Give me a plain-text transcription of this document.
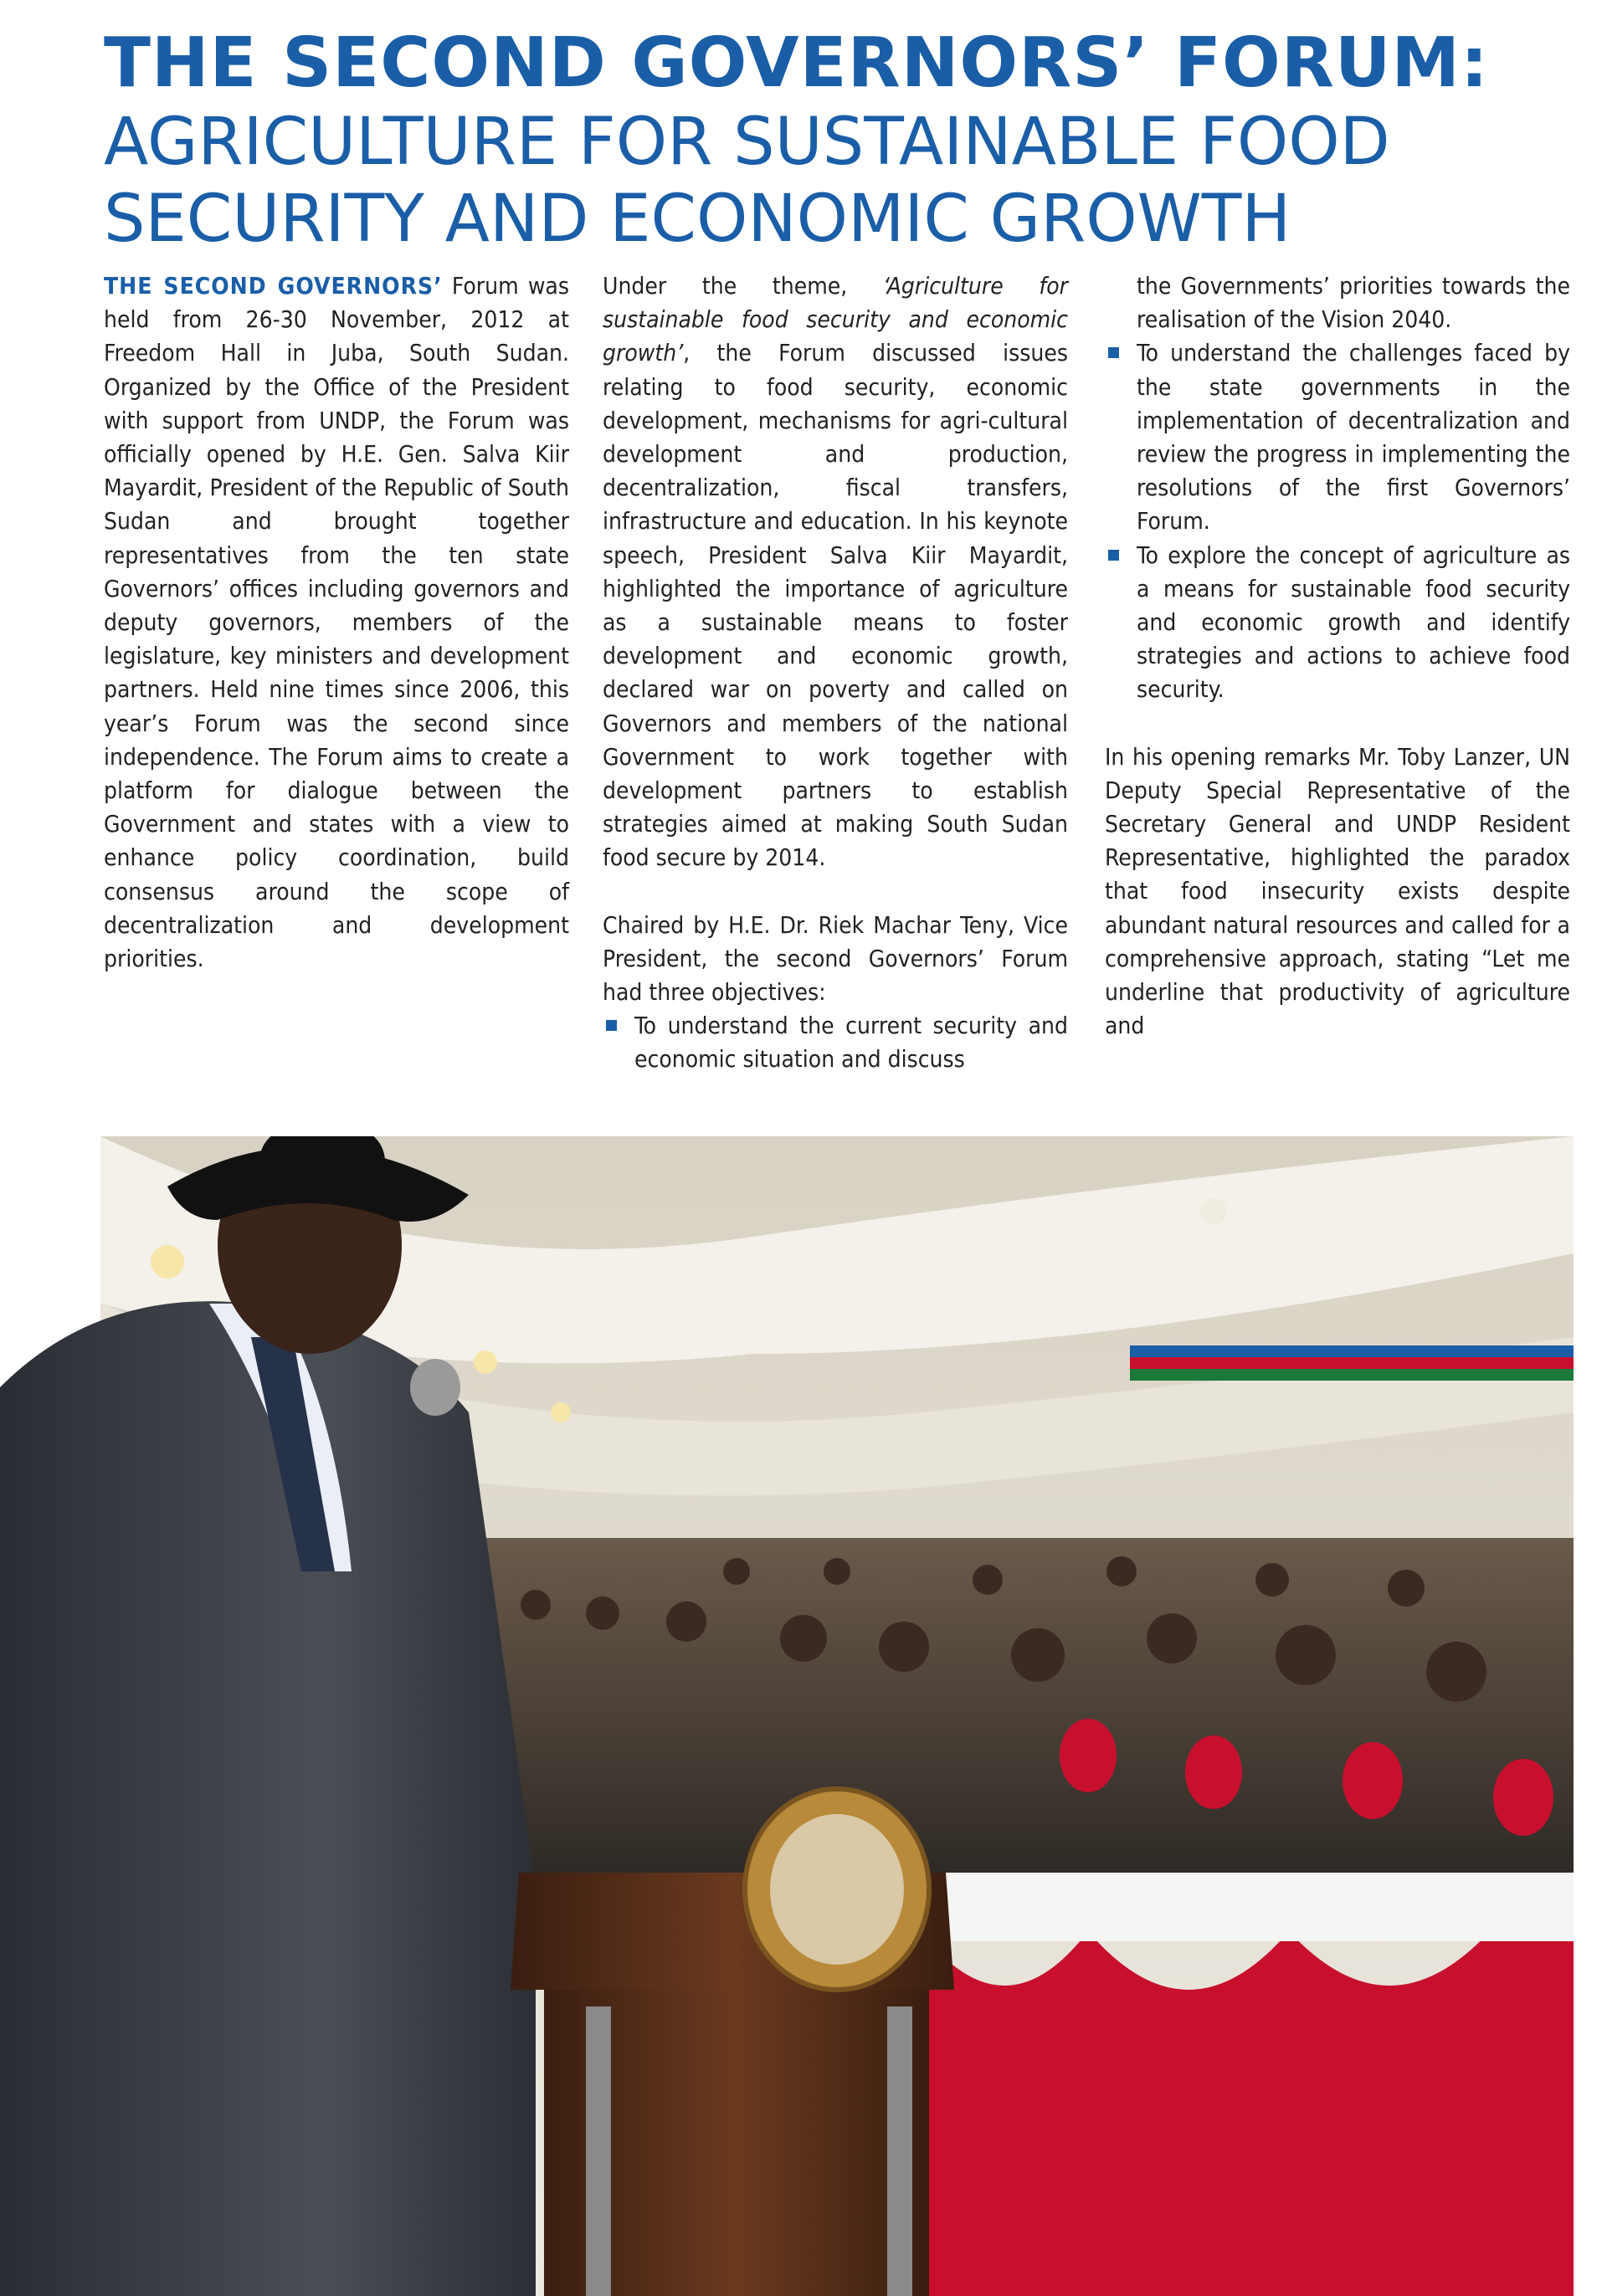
THE SECOND GOVERNORS’ FORUM:
AGRICULTURE FOR SUSTAINABLE FOOD
SECURITY AND ECONOMIC GROWTH

THE SECOND GOVERNORS’ Forum was held from 26-30 November, 2012 at Freedom Hall in Juba, South Sudan. Organized by the Office of the President with support from UNDP, the Forum was officially opened by H.E. Gen. Salva Kiir Mayardit, President of the Republic of South Sudan and brought together representatives from the ten state Governors’ offices including governors and deputy governors, members of the legislature, key ministers and development partners. Held nine times since 2006, this year’s Forum was the second since independence. The Forum aims to create a platform for dialogue between the Government and states with a view to enhance policy coordination, build consensus around the scope of decentralization and development priorities.

Under the theme, ‘Agriculture for sustainable food security and economic growth’, the Forum discussed issues relating to food security, economic development, mechanisms for agri-cultural development and production, decentralization, fiscal transfers, infrastructure and education. In his keynote speech, President Salva Kiir Mayardit, highlighted the importance of agriculture as a sustainable means to foster development and economic growth, declared war on poverty and called on Governors and members of the national Government to work together with development partners to establish strategies aimed at making South Sudan food secure by 2014.

Chaired by H.E. Dr. Riek Machar Teny, Vice President, the second Governors’ Forum had three objectives:

To understand the current security and economic situation and discuss

the Governments’ priorities towards the realisation of the Vision 2040.

To understand the challenges faced by the state governments in the implementation of decentralization and review the progress in implementing the resolutions of the first Governors’ Forum.
To explore the concept of agriculture as a means for sustainable food security and economic growth and identify strategies and actions to achieve food security.

In his opening remarks Mr. Toby Lanzer, UN Deputy Special Representative of the Secretary General and UNDP Resident Representative, highlighted the paradox that food insecurity exists despite abundant natural resources and called for a comprehensive approach, stating “Let me underline that productivity of agriculture and
